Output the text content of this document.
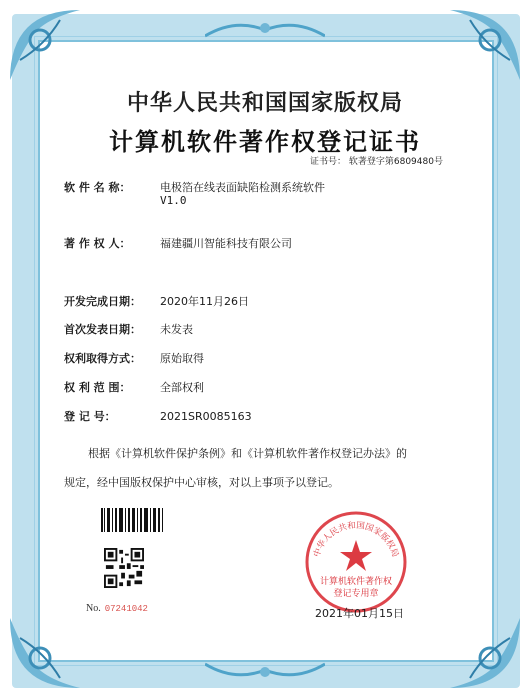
中华人民共和国国家版权局
计算机软件著作权登记证书
证书号： 软著登字第6809480号
软 件 名 称：	电极箔在线表面缺陷检测系统软件
V1.0
著 作 权 人：	福建疆川智能科技有限公司
开发完成日期： 2020年11月26日
首次发表日期： 未发表
权利取得方式： 原始取得
权 利 范 围：	全部权利
登 记 号：	2021SR0085163
根据《计算机软件保护条例》和《计算机软件著作权登记办法》的
规定，经中国版权保护中心审核，对以上事项予以登记。
No. 07241042
中华人民共和国国家版权局
计算机软件著作权
登记专用章
2021年01月15日
